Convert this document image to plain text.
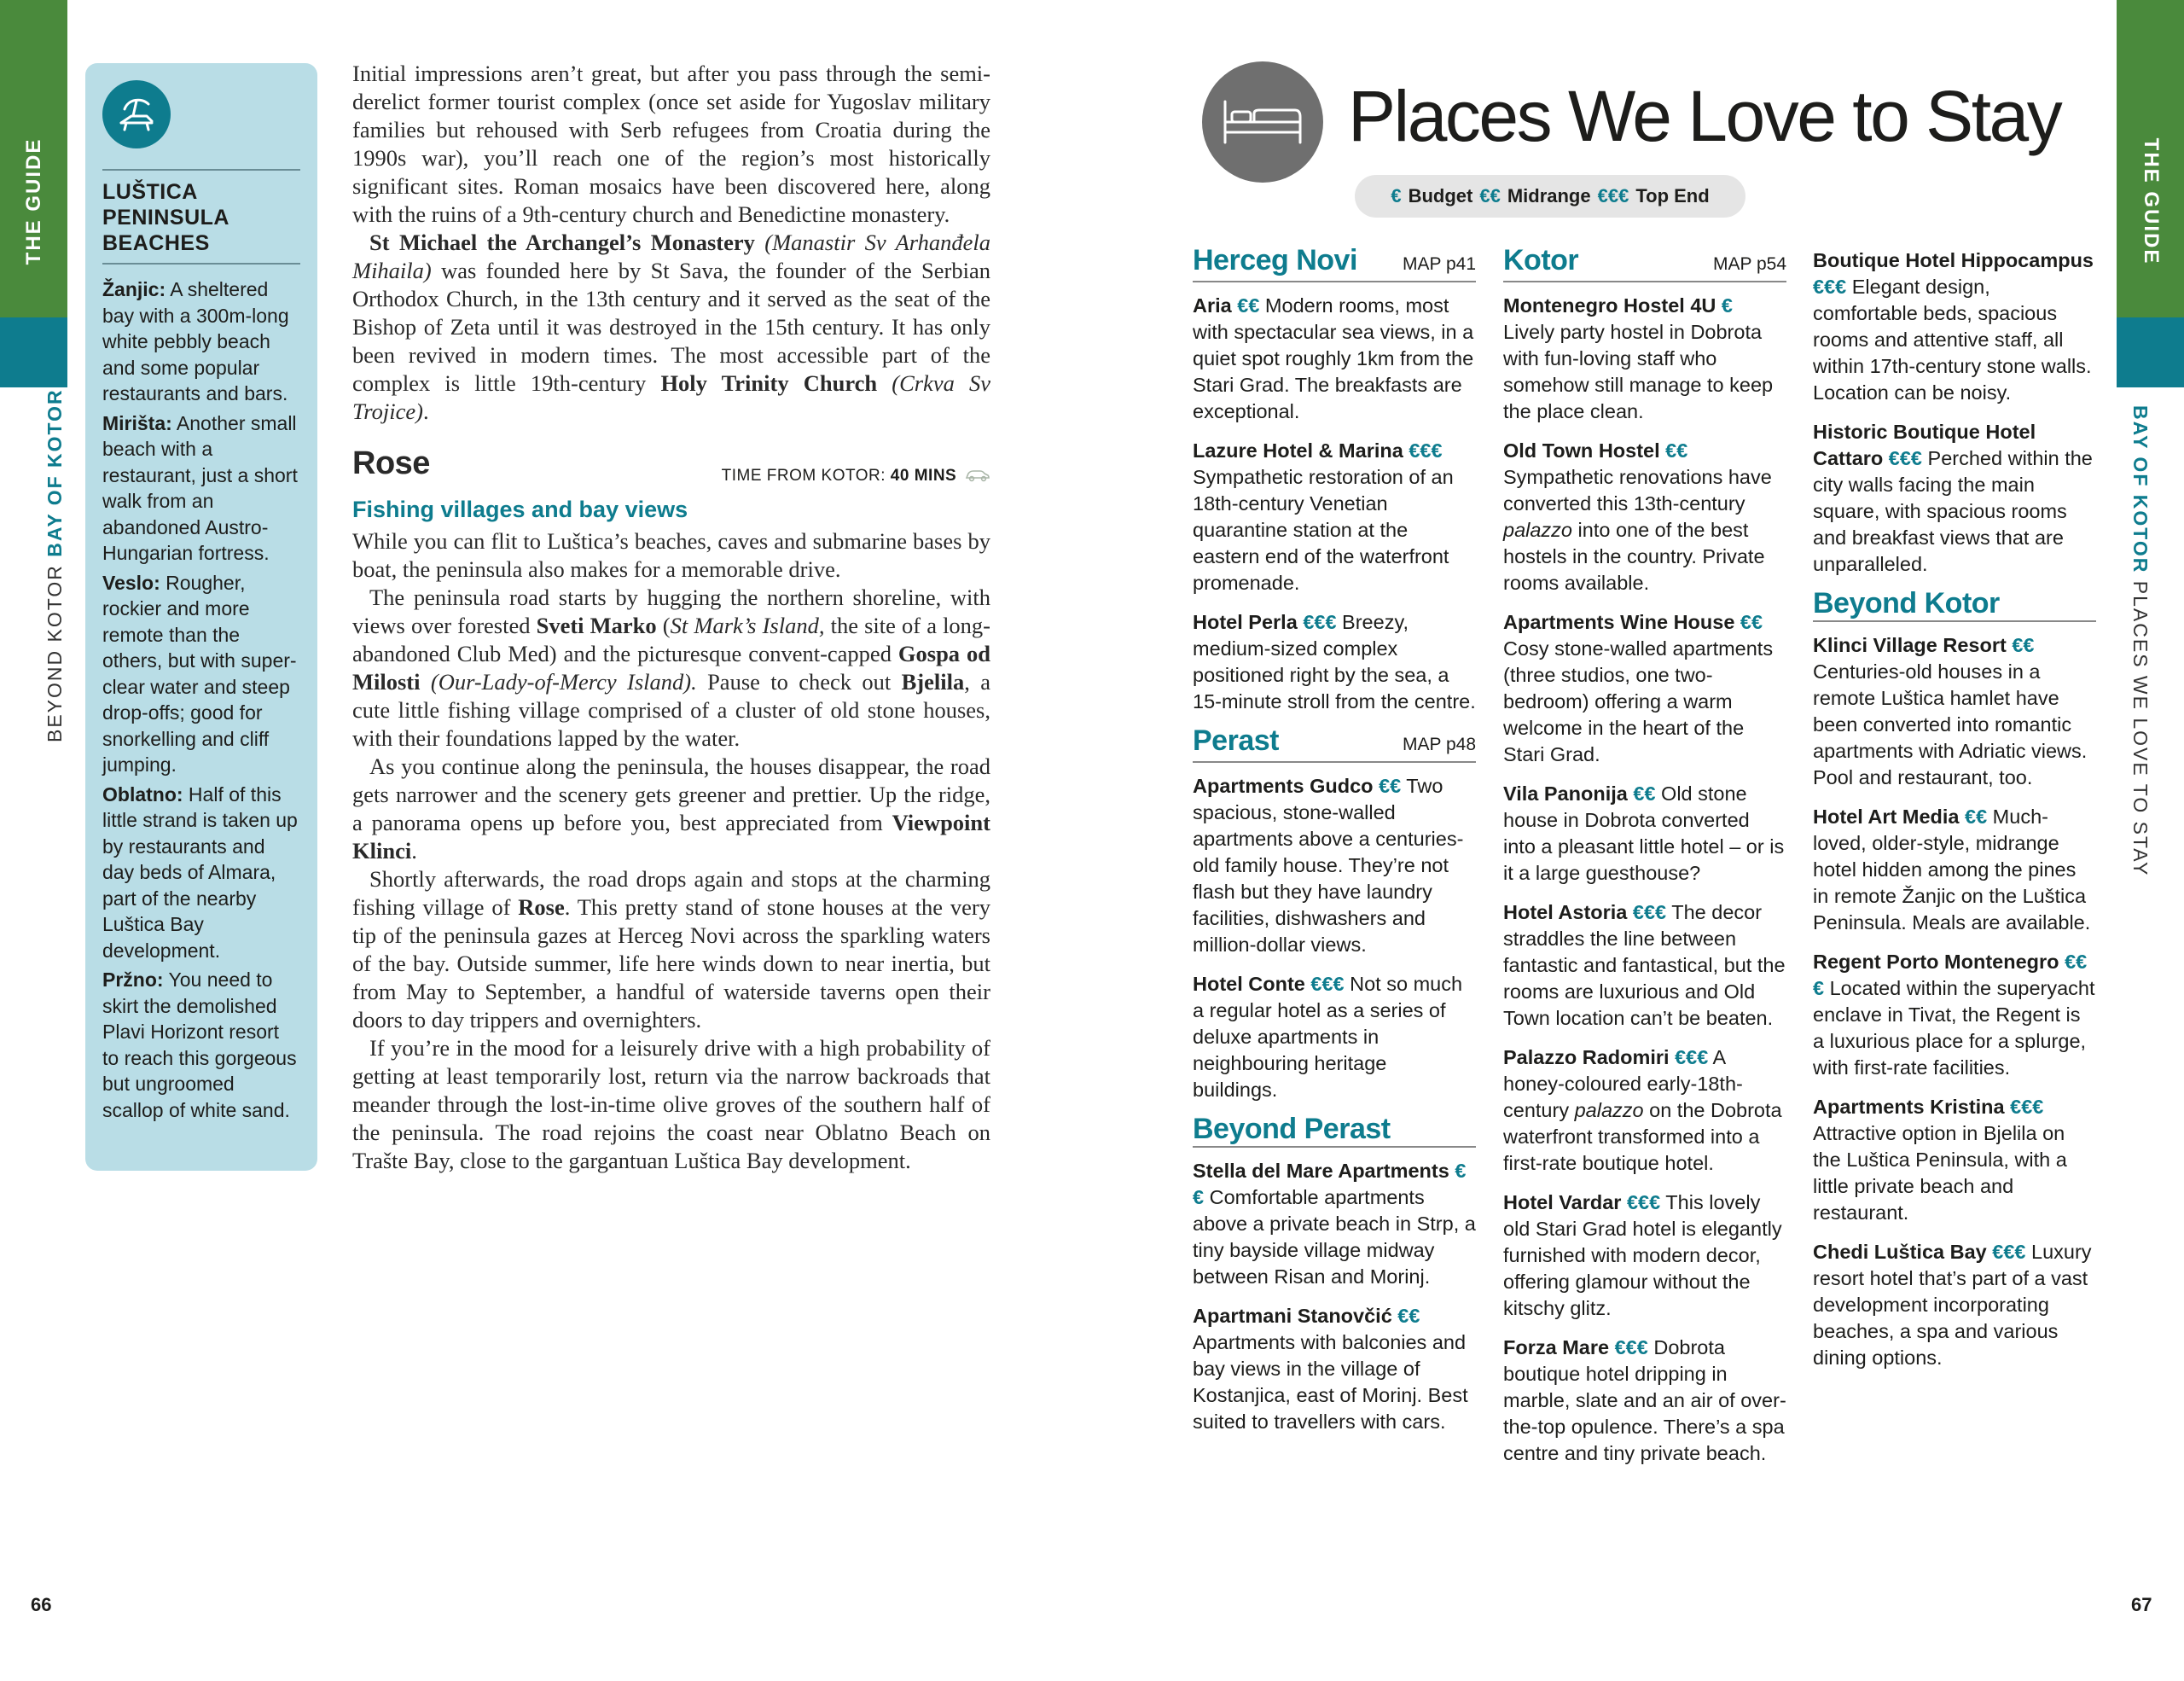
THE GUIDE
BEYOND KOTOR BAY OF KOTOR
THE GUIDE
BAY OF KOTOR PLACES WE LOVE TO STAY
66	67
LUŠTICA PENINSULA BEACHES
Žanjic: A sheltered bay with a 300m-long white pebbly beach and some popular restaurants and bars.
Mirišta: Another small beach with a restaurant, just a short walk from an abandoned Austro-Hungarian fortress.
Veslo: Rougher, rockier and more remote than the others, but with super-clear water and steep drop-offs; good for snorkelling and cliff jumping.
Oblatno: Half of this little strand is taken up by restaurants and day beds of Almara, part of the nearby Luštica Bay development.
Pržno: You need to skirt the demolished Plavi Horizont resort to reach this gorgeous but ungroomed scallop of white sand.

Initial impressions aren’t great, but after you pass through the semi-derelict former tourist complex (once set aside for Yugoslav military families but rehoused with Serb refugees from Croatia during the 1990s war), you’ll reach one of the region’s most historically significant sites. Roman mosaics have been discovered here, along with the ruins of a 9th-century church and Benedictine monastery.

St Michael the Archangel’s Monastery (Manastir Sv Arhanđela Mihaila) was founded here by St Sava, the founder of the Serbian Orthodox Church, in the 13th century and it served as the seat of the Bishop of Zeta until it was destroyed in the 15th century. It has only been revived in modern times. The most accessible part of the complex is little 19th-century Holy Trinity Church (Crkva Sv Trojice).

Rose	TIME FROM KOTOR: 40 MINS
Fishing villages and bay views

While you can flit to Luštica’s beaches, caves and submarine bases by boat, the peninsula also makes for a memorable drive.

The peninsula road starts by hugging the northern shoreline, with views over forested Sveti Marko (St Mark’s Island, the site of a long-abandoned Club Med) and the picturesque convent-capped Gospa od Milosti (Our-Lady-of-Mercy Island). Pause to check out Bjelila, a cute little fishing village comprised of a cluster of old stone houses, with their foundations lapped by the water.

As you continue along the peninsula, the houses disappear, the road gets narrower and the scenery gets greener and prettier. Up the ridge, a panorama opens up before you, best appreciated from Viewpoint Klinci.

Shortly afterwards, the road drops again and stops at the charming fishing village of Rose. This pretty stand of stone houses at the very tip of the peninsula gazes at Herceg Novi across the sparkling waters of the bay. Outside summer, life here winds down to near inertia, but from May to September, a handful of waterside taverns open their doors to day trippers and overnighters.

If you’re in the mood for a leisurely drive with a high probability of getting at least temporarily lost, return via the narrow backroads that meander through the lost-in-time olive groves of the southern half of the peninsula. The road rejoins the coast near Oblatno Beach on Trašte Bay, close to the gargantuan Luštica Bay development.

Places We Love to Stay
€ Budget €€ Midrange €€€ Top End
Herceg Novi	MAP p41
Aria €€ Modern rooms, most with spectacular sea views, in a quiet spot roughly 1km from the Stari Grad. The breakfasts are exceptional.
Lazure Hotel & Marina €€€ Sympathetic restoration of an 18th-century Venetian quarantine station at the eastern end of the waterfront promenade.
Hotel Perla €€€ Breezy, medium-sized complex positioned right by the sea, a 15-minute stroll from the centre.
Perast	MAP p48
Apartments Gudco €€ Two spacious, stone-walled apartments above a centuries-old family house. They’re not flash but they have laundry facilities, dishwashers and million-dollar views.
Hotel Conte €€€ Not so much a regular hotel as a series of deluxe apartments in neighbouring heritage buildings.
Beyond Perast
Stella del Mare Apartments €€ Comfortable apartments above a private beach in Strp, a tiny bayside village midway between Risan and Morinj.
Apartmani Stanovčić €€ Apartments with balconies and bay views in the village of Kostanjica, east of Morinj. Best suited to travellers with cars.
Kotor	MAP p54
Montenegro Hostel 4U € Lively party hostel in Dobrota with fun-loving staff who somehow still manage to keep the place clean.
Old Town Hostel €€ Sympathetic renovations have converted this 13th-century palazzo into one of the best hostels in the country. Private rooms available.
Apartments Wine House €€ Cosy stone-walled apartments (three studios, one two-bedroom) offering a warm welcome in the heart of the Stari Grad.
Vila Panonija €€ Old stone house in Dobrota converted into a pleasant little hotel – or is it a large guesthouse?
Hotel Astoria €€€ The decor straddles the line between fantastic and fantastical, but the rooms are luxurious and Old Town location can’t be beaten.
Palazzo Radomiri €€€ A honey-coloured early-18th-century palazzo on the Dobrota waterfront transformed into a first-rate boutique hotel.
Hotel Vardar €€€ This lovely old Stari Grad hotel is elegantly furnished with modern decor, offering glamour without the kitschy glitz.
Forza Mare €€€ Dobrota boutique hotel dripping in marble, slate and an air of over-the-top opulence. There’s a spa centre and tiny private beach.
Boutique Hotel Hippocampus €€€ Elegant design, comfortable beds, spacious rooms and attentive staff, all within 17th-century stone walls. Location can be noisy.
Historic Boutique Hotel Cattaro €€€ Perched within the city walls facing the main square, with spacious rooms and breakfast views that are unparalleled.
Beyond Kotor
Klinci Village Resort €€ Centuries-old houses in a remote Luštica hamlet have been converted into romantic apartments with Adriatic views. Pool and restaurant, too.
Hotel Art Media €€ Much-loved, older-style, midrange hotel hidden among the pines in remote Žanjic on the Luštica Peninsula. Meals are available.
Regent Porto Montenegro €€€ Located within the superyacht enclave in Tivat, the Regent is a luxurious place for a splurge, with first-rate facilities.
Apartments Kristina €€€ Attractive option in Bjelila on the Luštica Peninsula, with a little private beach and restaurant.
Chedi Luštica Bay €€€ Luxury resort hotel that’s part of a vast development incorporating beaches, a spa and various dining options.
